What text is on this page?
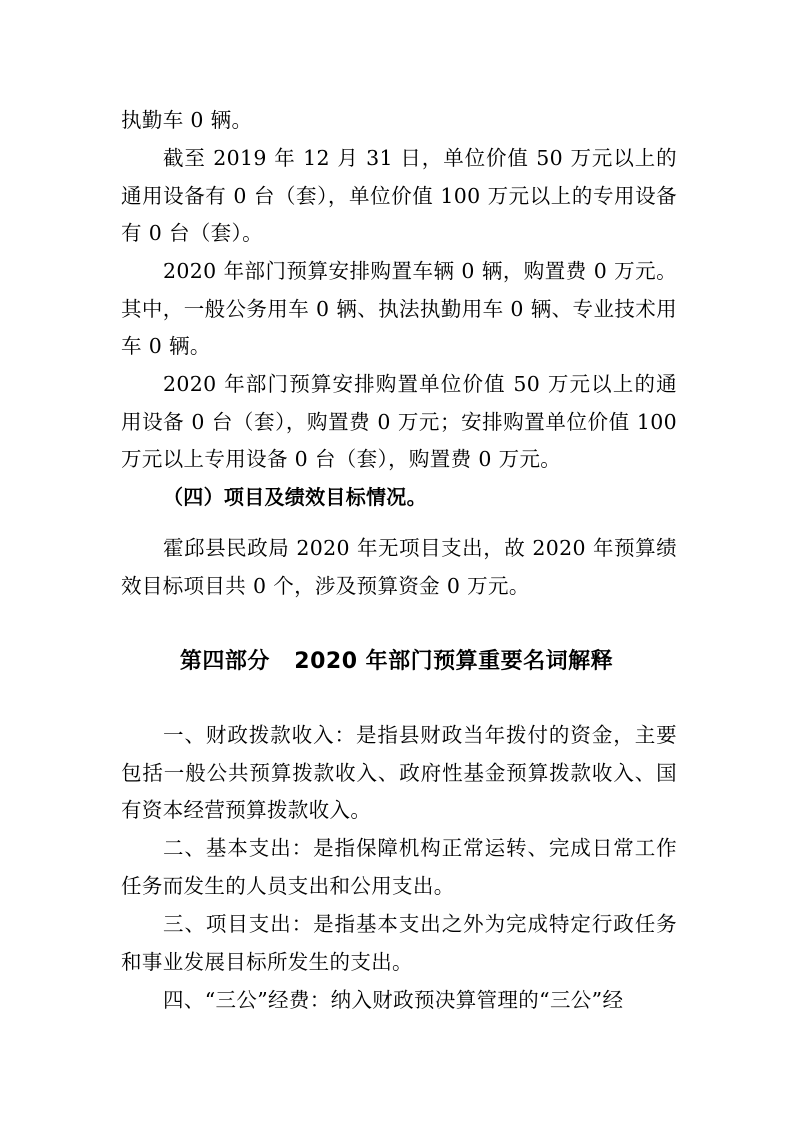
执勤车 0 辆。

截至 2019 年 12 月 31 日，单位价值 50 万元以上的通用设备有 0 台（套），单位价值 100 万元以上的专用设备有 0 台（套）。

2020 年部门预算安排购置车辆 0 辆，购置费 0 万元。其中，一般公务用车 0 辆、执法执勤用车 0 辆、专业技术用车 0 辆。

2020 年部门预算安排购置单位价值 50 万元以上的通用设备 0 台（套），购置费 0 万元；安排购置单位价值 100 万元以上专用设备 0 台（套），购置费 0 万元。

（四）项目及绩效目标情况。

霍邱县民政局 2020 年无项目支出，故 2020 年预算绩效目标项目共 0 个，涉及预算资金 0 万元。

第四部分   2020 年部门预算重要名词解释

一、财政拨款收入：是指县财政当年拨付的资金，主要包括一般公共预算拨款收入、政府性基金预算拨款收入、国有资本经营预算拨款收入。

二、基本支出：是指保障机构正常运转、完成日常工作任务而发生的人员支出和公用支出。

三、项目支出：是指基本支出之外为完成特定行政任务和事业发展目标所发生的支出。

四、“三公”经费：纳入财政预决算管理的“三公”经
